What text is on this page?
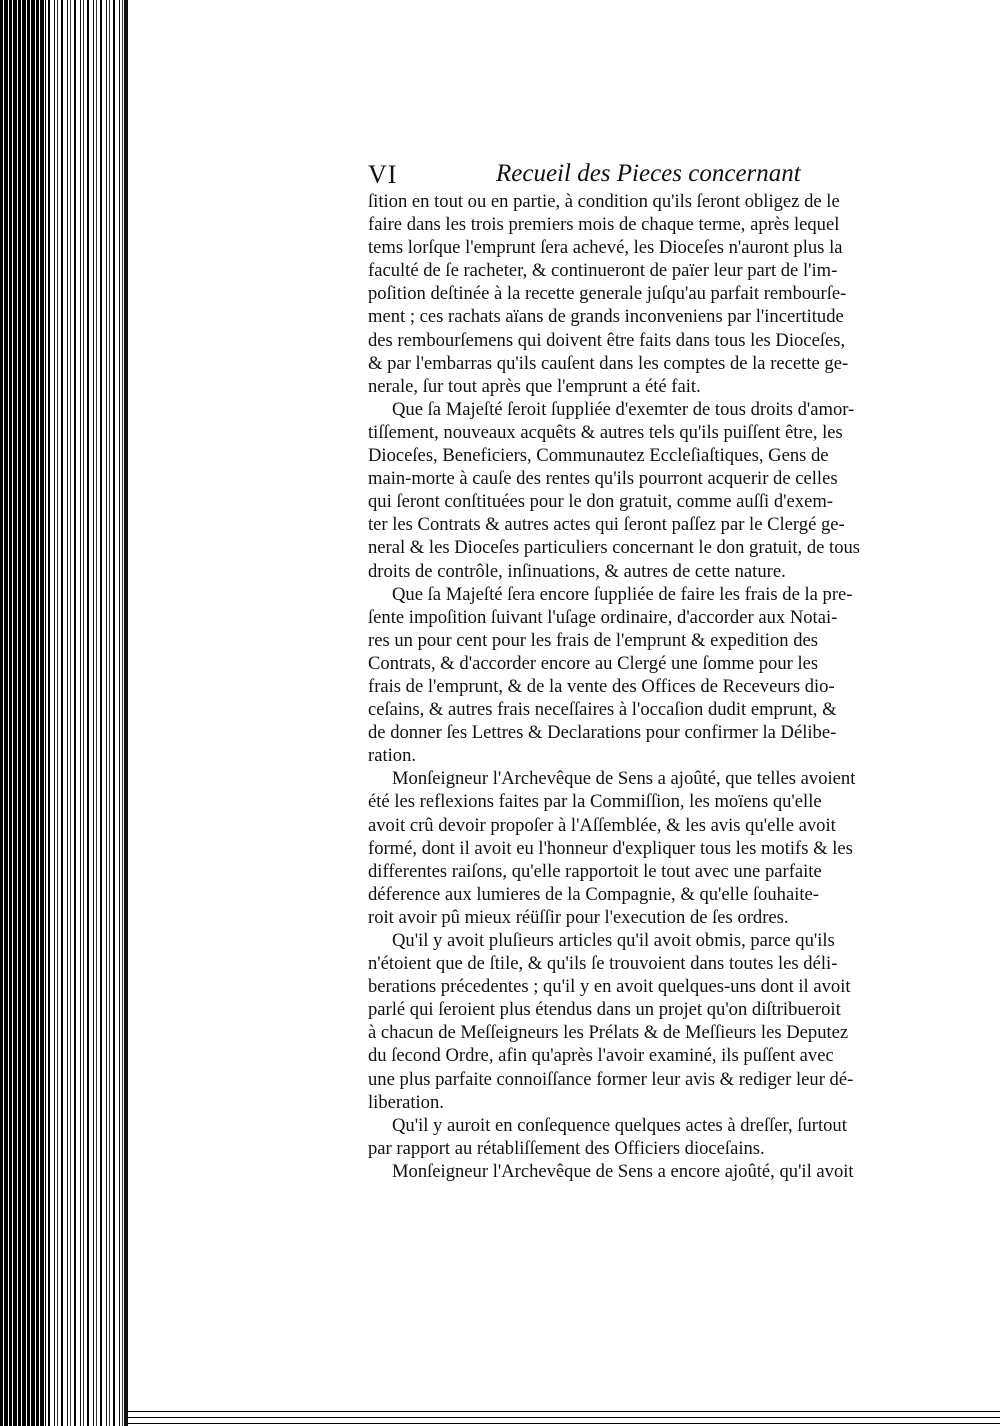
VI	Recueil des Pieces concernant
ſition en tout ou en partie, à condition qu'ils ſeront obligez de le
faire dans les trois premiers mois de chaque terme, après lequel
tems lorſque l'emprunt ſera achevé, les Dioceſes n'auront plus la
faculté de ſe racheter, & continueront de païer leur part de l'im-
poſition deſtinée à la recette generale juſqu'au parfait rembourſe-
ment ; ces rachats aïans de grands inconveniens par l'incertitude
des rembourſemens qui doivent être faits dans tous les Dioceſes,
& par l'embarras qu'ils cauſent dans les comptes de la recette ge-
nerale, ſur tout après que l'emprunt a été fait.
Que ſa Majeſté ſeroit ſuppliée d'exemter de tous droits d'amor-
tiſſement, nouveaux acquêts & autres tels qu'ils puiſſent être, les
Dioceſes, Beneficiers, Communautez Eccleſiaſtiques, Gens de
main-morte à cauſe des rentes qu'ils pourront acquerir de celles
qui ſeront conſtituées pour le don gratuit, comme auſſi d'exem-
ter les Contrats & autres actes qui ſeront paſſez par le Clergé ge-
neral & les Dioceſes particuliers concernant le don gratuit, de tous
droits de contrôle, inſinuations, & autres de cette nature.
Que ſa Majeſté ſera encore ſuppliée de faire les frais de la pre-
ſente impoſition ſuivant l'uſage ordinaire, d'accorder aux Notai-
res un pour cent pour les frais de l'emprunt & expedition des
Contrats, & d'accorder encore au Clergé une ſomme pour les
frais de l'emprunt, & de la vente des Offices de Receveurs dio-
ceſains, & autres frais neceſſaires à l'occaſion dudit emprunt, &
de donner ſes Lettres & Declarations pour confirmer la Délibe-
ration.
Monſeigneur l'Archevêque de Sens a ajoûté, que telles avoient
été les reflexions faites par la Commiſſion, les moïens qu'elle
avoit crû devoir propoſer à l'Aſſemblée, & les avis qu'elle avoit
formé, dont il avoit eu l'honneur d'expliquer tous les motifs & les
differentes raiſons, qu'elle rapportoit le tout avec une parfaite
déference aux lumieres de la Compagnie, & qu'elle ſouhaite-
roit avoir pû mieux réüſſir pour l'execution de ſes ordres.
Qu'il y avoit pluſieurs articles qu'il avoit obmis, parce qu'ils
n'étoient que de ſtile, & qu'ils ſe trouvoient dans toutes les déli-
berations précedentes ; qu'il y en avoit quelques-uns dont il avoit
parlé qui ſeroient plus étendus dans un projet qu'on diſtribueroit
à chacun de Meſſeigneurs les Prélats & de Meſſieurs les Deputez
du ſecond Ordre, afin qu'après l'avoir examiné, ils puſſent avec
une plus parfaite connoiſſance former leur avis & rediger leur dé-
liberation.
Qu'il y auroit en conſequence quelques actes à dreſſer, ſurtout
par rapport au rétabliſſement des Officiers dioceſains.
Monſeigneur l'Archevêque de Sens a encore ajoûté, qu'il avoit
